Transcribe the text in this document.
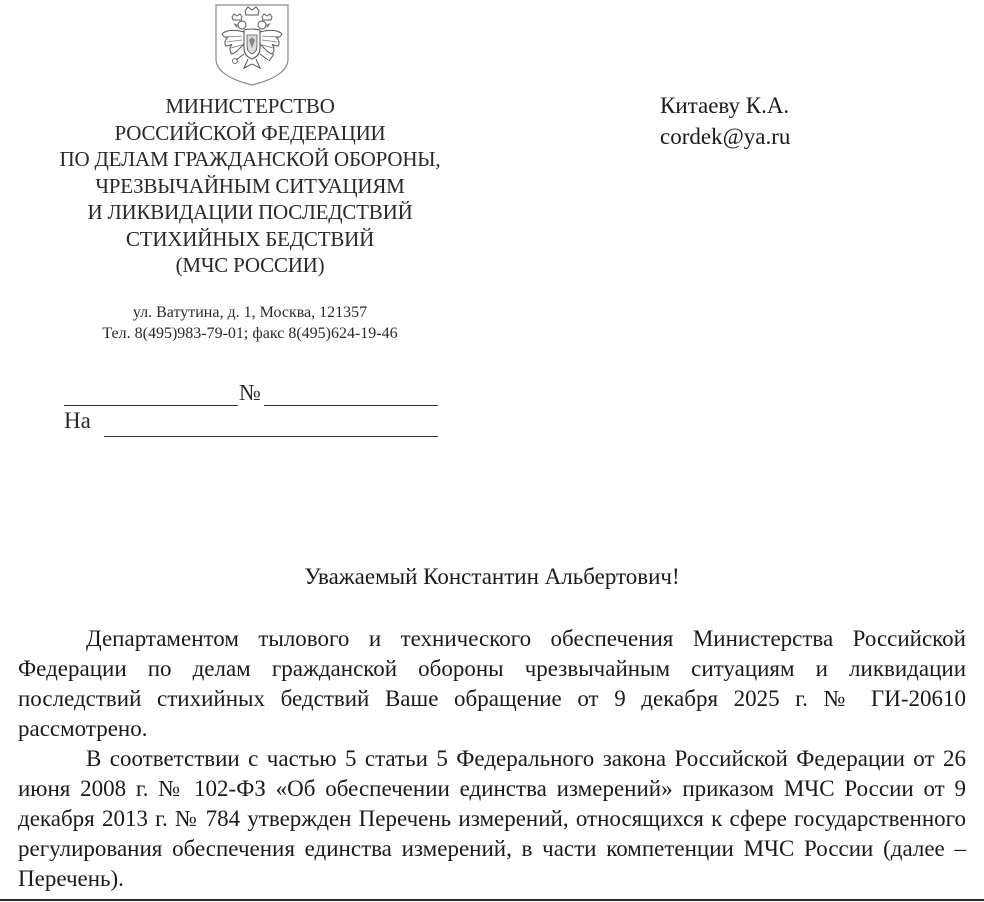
МИНИСТЕРСТВО
РОССИЙСКОЙ ФЕДЕРАЦИИ
ПО ДЕЛАМ ГРАЖДАНСКОЙ ОБОРОНЫ,
ЧРЕЗВЫЧАЙНЫМ СИТУАЦИЯМ
И ЛИКВИДАЦИИ ПОСЛЕДСТВИЙ
СТИХИЙНЫХ БЕДСТВИЙ
(МЧС РОССИИ)
ул. Ватутина, д. 1, Москва, 121357
Тел. 8(495)983-79-01; факс 8(495)624-19-46
№
На
Китаеву К.А.
cordek@ya.ru
Уважаемый Константин Альбертович!

Департаментом тылового и технического обеспечения Министерства Российской Федерации по делам гражданской обороны чрезвычайным ситуациям и ликвидации последствий стихийных бедствий Ваше обращение от 9 декабря 2025 г. № ГИ-20610 рассмотрено.

В соответствии с частью 5 статьи 5 Федерального закона Российской Федерации от 26 июня 2008 г. № 102-ФЗ «Об обеспечении единства измерений» приказом МЧС России от 9 декабря 2013 г. № 784 утвержден Перечень измерений, относящихся к сфере государственного регулирования обеспечения единства измерений, в части компетенции МЧС России (далее – Перечень).
